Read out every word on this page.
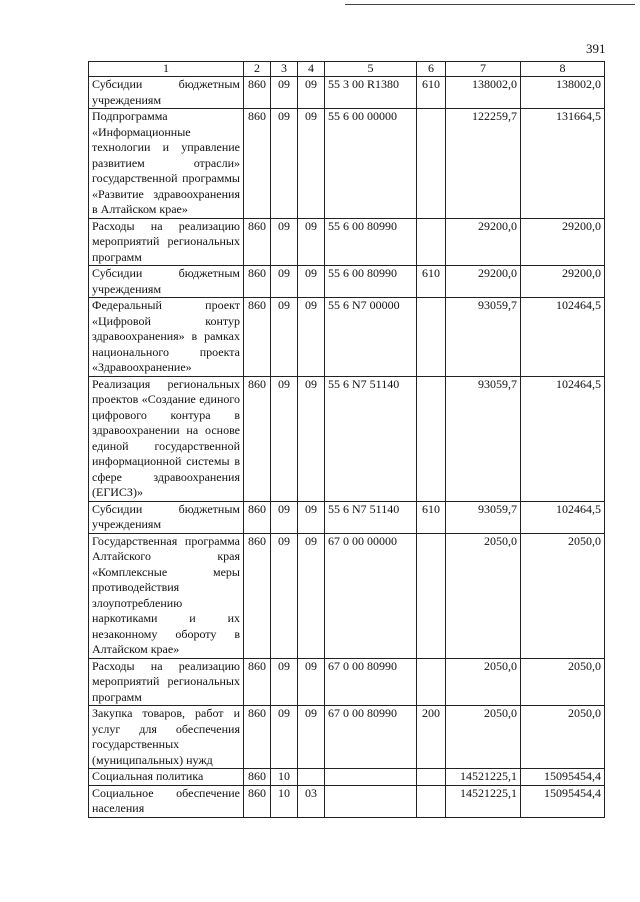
391
1	2	3	4	5	6	7	8
Субсидии бюджетным учреждениям	860	09	09	55 3 00 R1380	610	138002,0	138002,0
Подпрограмма «Информационные технологии и управление развитием отрасли» государственной программы «Развитие здравоохранения в Алтайском крае»	860	09	09	55 6 00 00000		122259,7	131664,5
Расходы на реализацию мероприятий региональных программ	860	09	09	55 6 00 80990		29200,0	29200,0
Субсидии бюджетным учреждениям	860	09	09	55 6 00 80990	610	29200,0	29200,0
Федеральный проект «Цифровой контур здравоохранения» в рамках национального проекта «Здравоохранение»	860	09	09	55 6 N7 00000		93059,7	102464,5
Реализация региональных проектов «Создание единого цифрового контура в здравоохранении на основе единой государственной информационной системы в сфере здравоохранения (ЕГИСЗ)»	860	09	09	55 6 N7 51140		93059,7	102464,5
Субсидии бюджетным учреждениям	860	09	09	55 6 N7 51140	610	93059,7	102464,5
Государственная программа Алтайского края «Комплексные меры противодействия злоупотреблению наркотиками и их незаконному обороту в Алтайском крае»	860	09	09	67 0 00 00000		2050,0	2050,0
Расходы на реализацию мероприятий региональных программ	860	09	09	67 0 00 80990		2050,0	2050,0
Закупка товаров, работ и услуг для обеспечения государственных (муниципальных) нужд	860	09	09	67 0 00 80990	200	2050,0	2050,0
Социальная политика	860	10				14521225,1	15095454,4
Социальное обеспечение населения	860	10	03			14521225,1	15095454,4
